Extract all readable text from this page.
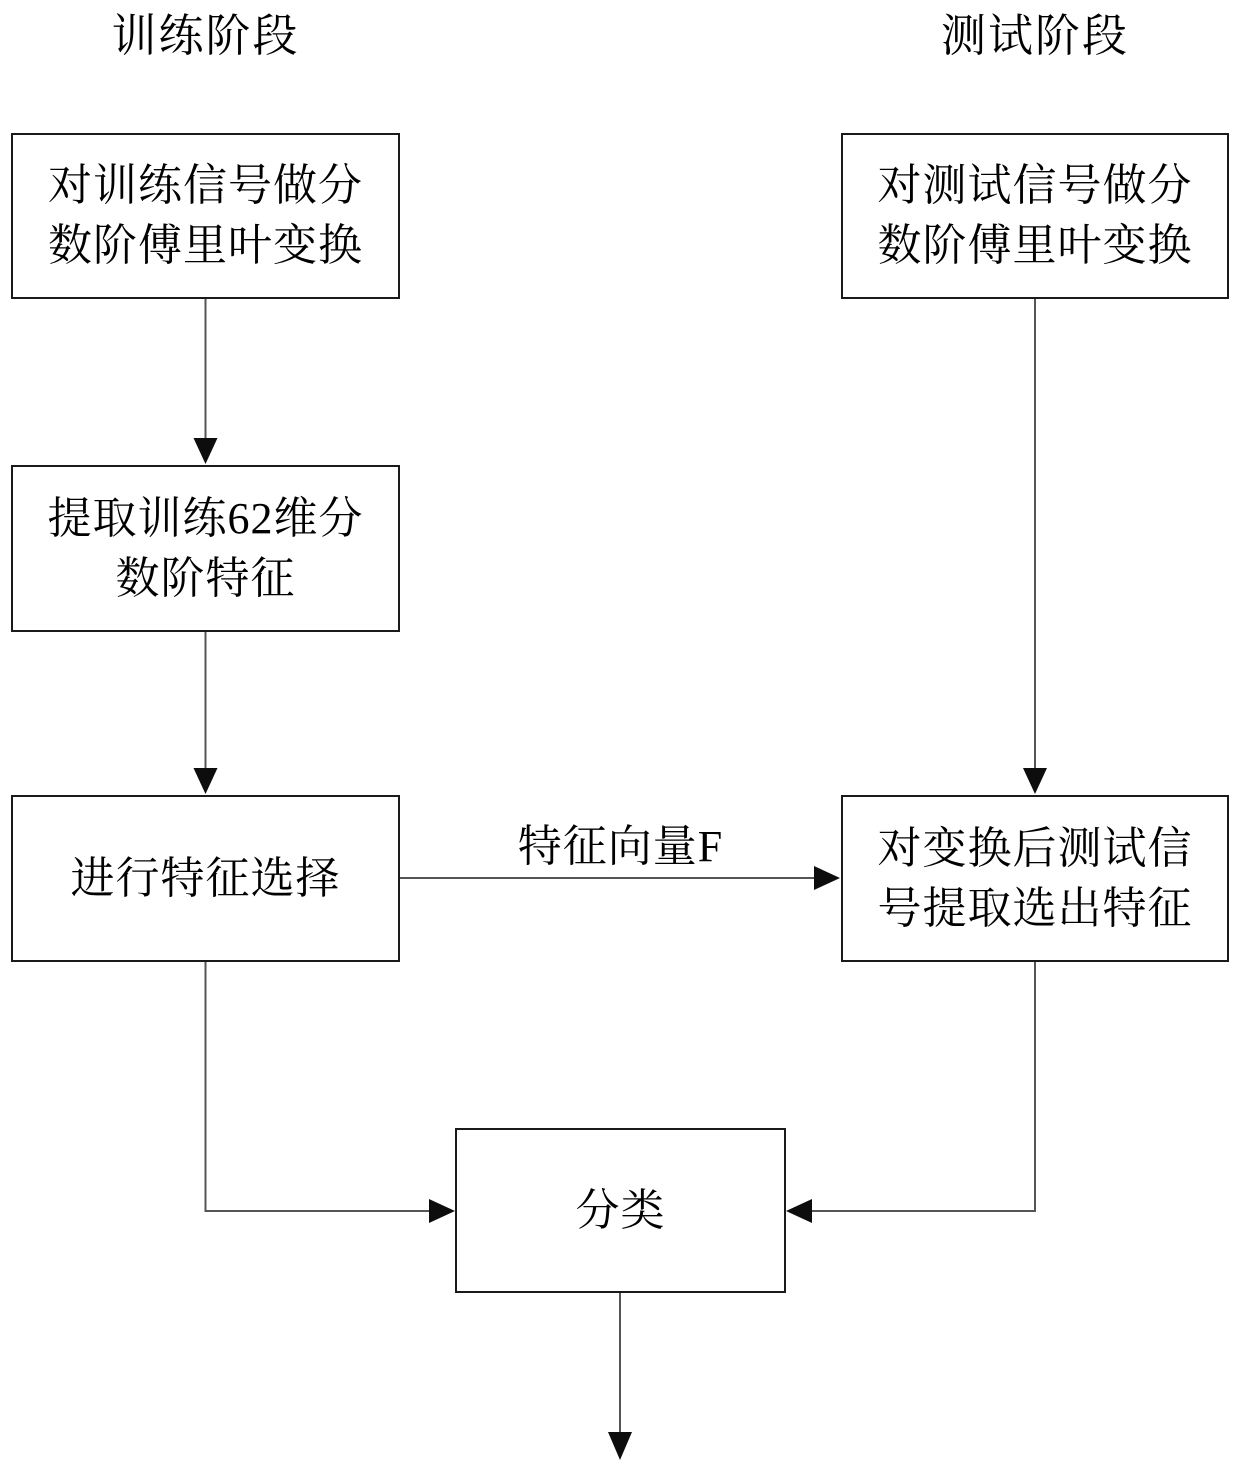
训练阶段	测试阶段
特征向量F
对训练信号做分
数阶傅里叶变换
提取训练62维分
数阶特征
进行特征选择
对测试信号做分
数阶傅里叶变换
对变换后测试信
号提取选出特征
分类
